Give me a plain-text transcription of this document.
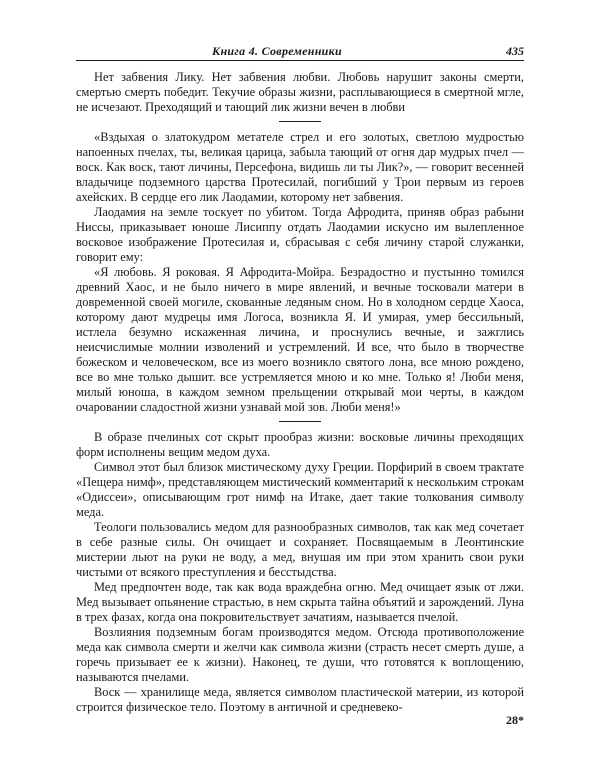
Книга 4. Современники	435

Нет забвения Лику. Нет забвения любви. Любовь нарушит законы смерти, смертью смерть победит. Текучие образы жизни, расплывающиеся в смертной мгле, не исчезают. Преходящий и тающий лик жизни вечен в любви

«Вздыхая о златокудром метателе стрел и его золотых, светлою мудростью напоенных пчелах, ты, великая царица, забыла тающий от огня дар мудрых пчел — воск. Как воск, тают личины, Персефона, видишь ли ты Лик?», — говорит весенней владычице подземного царства Протесилай, погибший у Трои первым из героев ахейских. В сердце его лик Лаодамии, которому нет забвения.

Лаодамия на земле тоскует по убитом. Тогда Афродита, приняв образ рабыни Ниссы, приказывает юноше Лисиппу отдать Лаодамии искусно им вылепленное восковое изображение Протесилая и, сбрасывая с себя личину старой служанки, говорит ему:

«Я любовь. Я роковая. Я Афродита-Мойра. Безрадостно и пустынно томился древний Хаос, и не было ничего в мире явлений, и вечные тосковали матери в довременной своей могиле, скованные ледяным сном. Но в холодном сердце Хаоса, которому дают мудрецы имя Логоса, возникла Я. И умирая, умер бессильный, истлела безумно искаженная личина, и проснулись вечные, и зажглись неисчислимые молнии изволений и устремлений. И все, что было в творчестве божеском и человеческом, все из моего возникло святого лона, все мною рождено, все во мне только дышит. все устремляется мною и ко мне. Только я! Люби меня, милый юноша, в каждом земном прельщении открывай мои черты, в каждом очаровании сладостной жизни узнавай мой зов. Люби меня!»

В образе пчелиных сот скрыт прообраз жизни: восковые личины преходящих форм исполнены вещим медом духа.

Символ этот был близок мистическому духу Греции. Порфирий в своем трактате «Пещера нимф», представляющем мистический комментарий к нескольким строкам «Одиссеи», описывающим грот нимф на Итаке, дает такие толкования символу меда.

Теологи пользовались медом для разнообразных символов, так как мед сочетает в себе разные силы. Он очищает и сохраняет. Посвящаемым в Леонтинские мистерии льют на руки не воду, а мед, внушая им при этом хранить свои руки чистыми от всякого преступления и бесстыдства.

Мед предпочтен воде, так как вода враждебна огню. Мед очищает язык от лжи. Мед вызывает опьянение страстью, в нем скрыта тайна объятий и зарождений. Луна в трех фазах, когда она покровительствует зачатиям, называется пчелой.

Возлияния подземным богам производятся медом. Отсюда противоположение меда как символа смерти и желчи как символа жизни (страсть несет смерть душе, а горечь призывает ее к жизни). Наконец, те души, что готовятся к воплощению, называются пчелами.

Воск — хранилище меда, является символом пластической материи, из которой строится физическое тело. Поэтому в античной и средневеко-

28*
